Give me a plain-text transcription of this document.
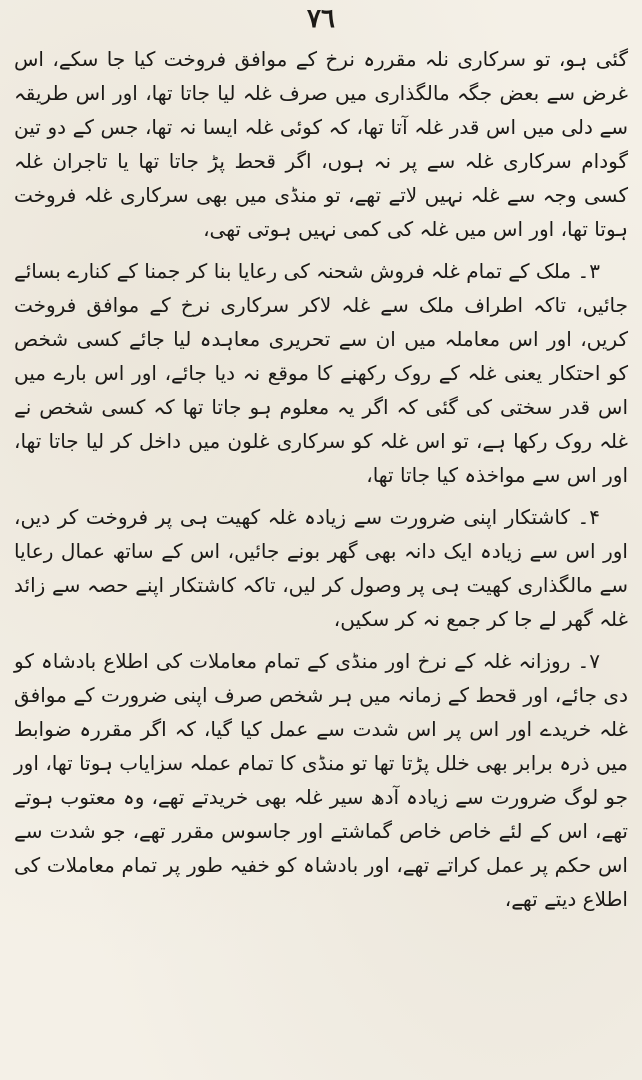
٧٦

گئی ہو، تو سرکاری نلہ مقررہ نرخ کے موافق فروخت کیا جا سکے، اس غرض سے بعض جگہ مالگذاری میں صرف غلہ لیا جاتا تھا، اور اس طریقہ سے دلی میں اس قدر غلہ آتا تھا، کہ کوئی غلہ ایسا نہ تھا، جس کے دو تین گودام سرکاری غلہ سے پر نہ ہوں، اگر قحط پڑ جاتا تھا یا تاجران غلہ کسی وجہ سے غلہ نہیں لاتے تھے، تو منڈی میں بھی سرکاری غلہ فروخت ہوتا تھا، اور اس میں غلہ کی کمی نہیں ہوتی تھی،

۳۔ ملک کے تمام غلہ فروش شحنہ کی رعایا بنا کر جمنا کے کنارے بسائے جائیں، تاکہ اطراف ملک سے غلہ لاکر سرکاری نرخ کے موافق فروخت کریں، اور اس معاملہ میں ان سے تحریری معاہدہ لیا جائے کسی شخص کو احتکار یعنی غلہ کے روک رکھنے کا موقع نہ دیا جائے، اور اس بارے میں اس قدر سختی کی گئی کہ اگر یہ معلوم ہو جاتا تھا کہ کسی شخص نے غلہ روک رکھا ہے، تو اس غلہ کو سرکاری غلون میں داخل کر لیا جاتا تھا، اور اس سے مواخذہ کیا جاتا تھا،

۴۔ کاشتکار اپنی ضرورت سے زیادہ غلہ کھیت ہی پر فروخت کر دیں، اور اس سے زیادہ ایک دانہ بھی گھر بونے جائیں، اس کے ساتھ عمال رعایا سے مالگذاری کھیت ہی پر وصول کر لیں، تاکہ کاشتکار اپنے حصہ سے زائد غلہ گھر لے جا کر جمع نہ کر سکیں،

۷۔ روزانہ غلہ کے نرخ اور منڈی کے تمام معاملات کی اطلاع بادشاہ کو دی جائے، اور قحط کے زمانہ میں ہر شخص صرف اپنی ضرورت کے موافق غلہ خریدے اور اس پر اس شدت سے عمل کیا گیا، کہ اگر مقررہ ضوابط میں ذرہ برابر بھی خلل پڑتا تھا تو منڈی کا تمام عملہ سزایاب ہوتا تھا، اور جو لوگ ضرورت سے زیادہ آدھ سیر غلہ بھی خریدتے تھے، وہ معتوب ہوتے تھے، اس کے لئے خاص خاص گماشتے اور جاسوس مقرر تھے، جو شدت سے اس حکم پر عمل کراتے تھے، اور بادشاہ کو خفیہ طور پر تمام معاملات کی اطلاع دیتے تھے،
